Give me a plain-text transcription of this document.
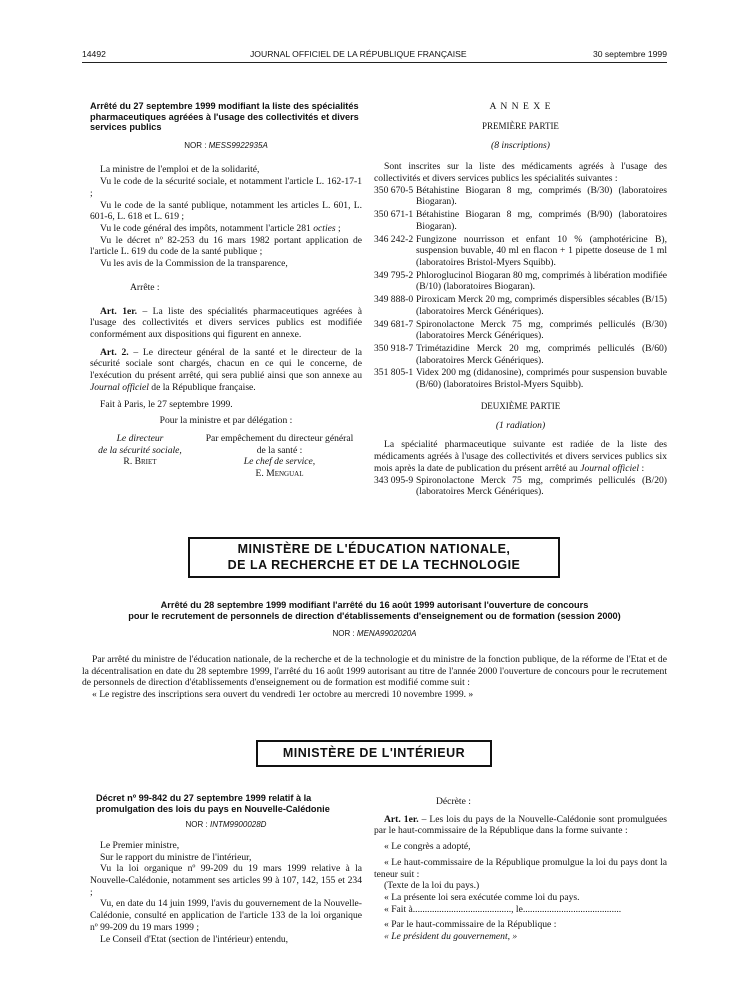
14492	JOURNAL OFFICIEL DE LA RÉPUBLIQUE FRANÇAISE	30 septembre 1999
Arrêté du 27 septembre 1999 modifiant la liste des spécialités pharmaceutiques agréées à l'usage des collectivités et divers services publics
NOR : MESS9922935A

La ministre de l'emploi et de la solidarité,

Vu le code de la sécurité sociale, et notamment l'article L. 162-17-1 ;

Vu le code de la santé publique, notamment les articles L. 601, L. 601-6, L. 618 et L. 619 ;

Vu le code général des impôts, notamment l'article 281 octies ;

Vu le décret nº 82-253 du 16 mars 1982 portant application de l'article L. 619 du code de la santé publique ;

Vu les avis de la Commission de la transparence,

Arrête :

Art. 1er. – La liste des spécialités pharmaceutiques agréées à l'usage des collectivités et divers services publics est modifiée conformément aux dispositions qui figurent en annexe.

Art. 2. – Le directeur général de la santé et le directeur de la sécurité sociale sont chargés, chacun en ce qui le concerne, de l'exécution du présent arrêté, qui sera publié ainsi que son annexe au Journal officiel de la République française.

Fait à Paris, le 27 septembre 1999.

Pour la ministre et par délégation :
Le directeur
de la sécurité sociale,
R. Briet
Par empêchement du directeur général
de la santé :
Le chef de service,
E. Mengual
A N N E X E
PREMIÈRE PARTIE
(8 inscriptions)

Sont inscrites sur la liste des médicaments agréés à l'usage des collectivités et divers services publics les spécialités suivantes :

350 670-5 Bétahistine Biogaran 8 mg, comprimés (B/30) (laboratoires Biogaran).
350 671-1 Bétahistine Biogaran 8 mg, comprimés (B/90) (laboratoires Biogaran).
346 242-2 Fungizone nourrisson et enfant 10 % (amphotéricine B), suspension buvable, 40 ml en flacon + 1 pipette doseuse de 1 ml (laboratoires Bristol-Myers Squibb).
349 795-2 Phloroglucinol Biogaran 80 mg, comprimés à libération modifiée (B/10) (laboratoires Biogaran).
349 888-0 Piroxicam Merck 20 mg, comprimés dispersibles sécables (B/15) (laboratoires Merck Génériques).
349 681-7 Spironolactone Merck 75 mg, comprimés pelliculés (B/30) (laboratoires Merck Génériques).
350 918-7 Trimétazidine Merck 20 mg, comprimés pelliculés (B/60) (laboratoires Merck Génériques).
351 805-1 Videx 200 mg (didanosine), comprimés pour suspension buvable (B/60) (laboratoires Bristol-Myers Squibb).
DEUXIÈME PARTIE
(1 radiation)

La spécialité pharmaceutique suivante est radiée de la liste des médicaments agréés à l'usage des collectivités et divers services publics six mois après la date de publication du présent arrêté au Journal officiel :

343 095-9 Spironolactone Merck 75 mg, comprimés pelliculés (B/20) (laboratoires Merck Génériques).
MINISTÈRE DE L'ÉDUCATION NATIONALE,
DE LA RECHERCHE ET DE LA TECHNOLOGIE
Arrêté du 28 septembre 1999 modifiant l'arrêté du 16 août 1999 autorisant l'ouverture de concours
pour le recrutement de personnels de direction d'établissements d'enseignement ou de formation (session 2000)
NOR : MENA9902020A

Par arrêté du ministre de l'éducation nationale, de la recherche et de la technologie et du ministre de la fonction publique, de la réforme de l'Etat et de la décentralisation en date du 28 septembre 1999, l'arrêté du 16 août 1999 autorisant au titre de l'année 2000 l'ouverture de concours pour le recrutement de personnels de direction d'établissements d'enseignement ou de formation est modifié comme suit :

« Le registre des inscriptions sera ouvert du vendredi 1er octobre au mercredi 10 novembre 1999. »

MINISTÈRE DE L'INTÉRIEUR
Décret nº 99-842 du 27 septembre 1999 relatif à la promulgation des lois du pays en Nouvelle-Calédonie
NOR : INTM9900028D

Le Premier ministre,

Sur le rapport du ministre de l'intérieur,

Vu la loi organique nº 99-209 du 19 mars 1999 relative à la Nouvelle-Calédonie, notamment ses articles 99 à 107, 142, 155 et 234 ;

Vu, en date du 14 juin 1999, l'avis du gouvernement de la Nouvelle-Calédonie, consulté en application de l'article 133 de la loi organique nº 99-209 du 19 mars 1999 ;

Le Conseil d'Etat (section de l'intérieur) entendu,

Décrète :

Art. 1er. – Les lois du pays de la Nouvelle-Calédonie sont promulguées par le haut-commissaire de la République dans la forme suivante :

« Le congrès a adopté,

« Le haut-commissaire de la République promulgue la loi du pays dont la teneur suit :

(Texte de la loi du pays.)

« La présente loi sera exécutée comme loi du pays.

« Fait à........................................., le.........................................

« Par le haut-commissaire de la République :

« Le président du gouvernement, »
